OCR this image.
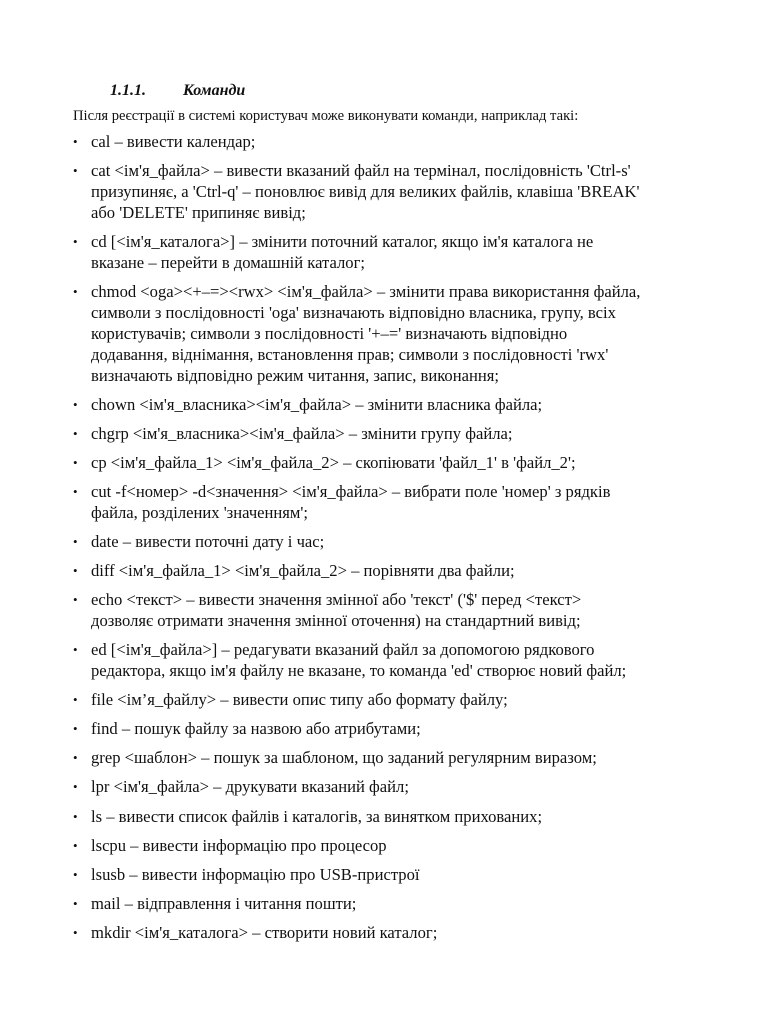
1.1.1. Команди
Після реєстрації в системі користувач може виконувати команди, наприклад такі:
• cal – вивести календар;
• cat <ім'я_файла> – вивести вказаний файл на термінал, послідовність 'Ctrl-s'
призупиняє, а 'Ctrl-q' – поновлює вивід для великих файлів, клавіша 'BREAK'
або 'DELETE' припиняє вивід;
• cd [<ім'я_каталога>] – змінити поточний каталог, якщо ім'я каталога не
вказане – перейти в домашній каталог;
• chmod <oga><+–=><rwx> <ім'я_файла> – змінити права використання файла,
символи з послідовності 'oga' визначають відповідно власника, групу, всіх
користувачів; символи з послідовності '+–=' визначають відповідно
додавання, віднімання, встановлення прав; символи з послідовності 'rwx'
визначають відповідно режим читання, запис, виконання;
• chown <ім'я_власника><ім'я_файла> – змінити власника файла;
• chgrp <ім'я_власника><ім'я_файла> – змінити групу файла;
• cp <ім'я_файла_1> <ім'я_файла_2> – скопіювати 'файл_1' в 'файл_2';
• cut -f<номер> -d<значення> <ім'я_файла> – вибрати поле 'номер' з рядків
файла, розділених 'значенням';
• date – вивести поточні дату і час;
• diff <ім'я_файла_1> <ім'я_файла_2> – порівняти два файли;
• echo <текст> – вивести значення змінної або 'текст' ('$' перед <текст>
дозволяє отримати значення змінної оточення) на стандартний вивід;
• ed [<ім'я_файла>] – редагувати вказаний файл за допомогою рядкового
редактора, якщо ім'я файлу не вказане, то команда 'ed' створює новий файл;
• file <ім’я_файлу> – вивести опис типу або формату файлу;
• find – пошук файлу за назвою або атрибутами;
• grep <шаблон> – пошук за шаблоном, що заданий регулярним виразом;
• lpr <ім'я_файла> – друкувати вказаний файл;
• ls – вивести список файлів і каталогів, за винятком прихованих;
• lscpu – вивести інформацію про процесор
• lsusb – вивести інформацію про USB-пристрої
• mail – відправлення і читання пошти;
• mkdir <ім'я_каталога> – створити новий каталог;
